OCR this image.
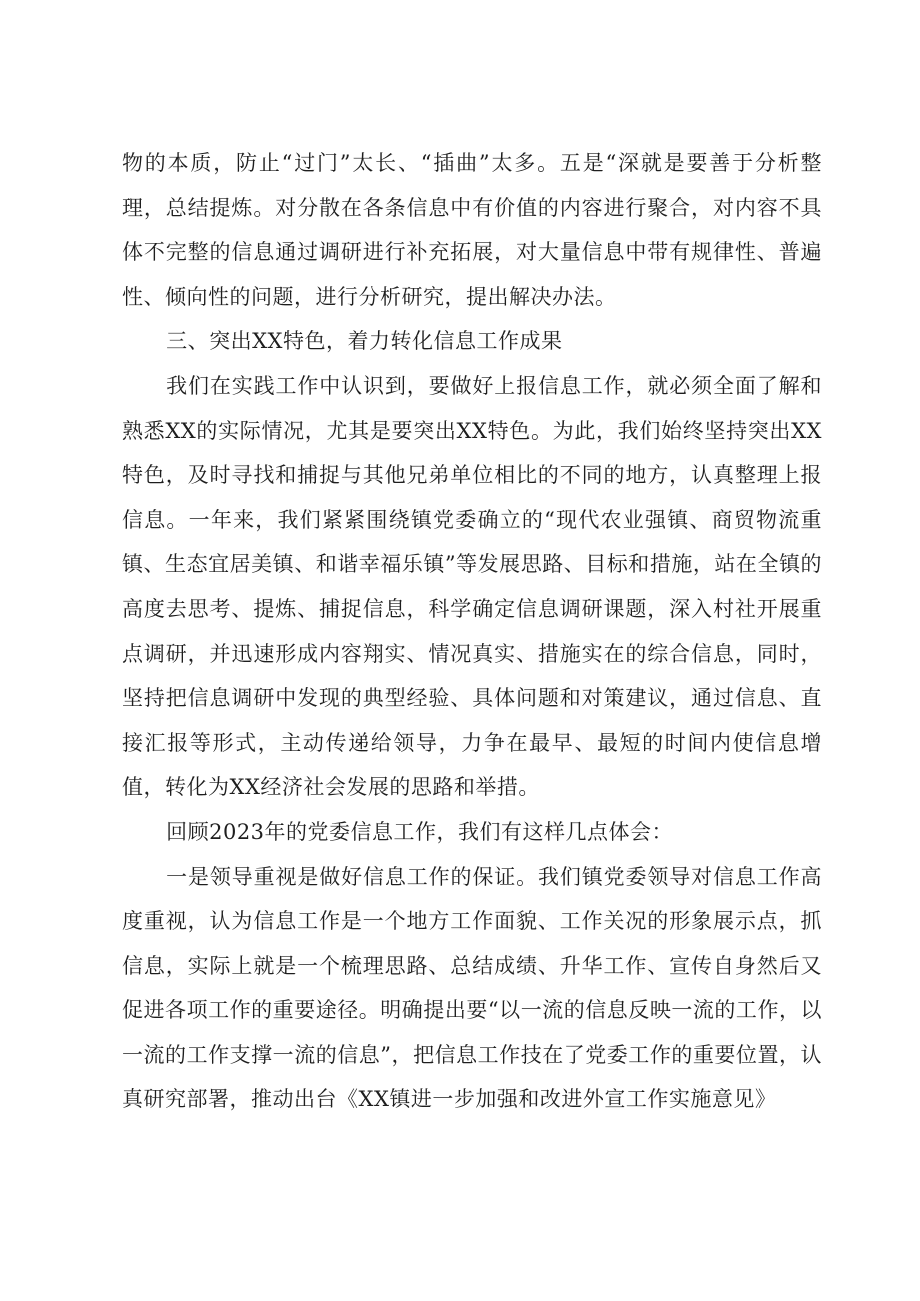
物的本质，防止“过门”太长、“插曲”太多。五是“深就是要善于分析整理，总结提炼。对分散在各条信息中有价值的内容进行聚合，对内容不具体不完整的信息通过调研进行补充拓展，对大量信息中带有规律性、普遍性、倾向性的问题，进行分析研究，提出解决办法。

三、突出XX特色，着力转化信息工作成果

我们在实践工作中认识到，要做好上报信息工作，就必须全面了解和熟悉XX的实际情况，尤其是要突出XX特色。为此，我们始终坚持突出XX特色，及时寻找和捕捉与其他兄弟单位相比的不同的地方，认真整理上报信息。一年来，我们紧紧围绕镇党委确立的“现代农业强镇、商贸物流重镇、生态宜居美镇、和谐幸福乐镇”等发展思路、目标和措施，站在全镇的高度去思考、提炼、捕捉信息，科学确定信息调研课题，深入村社开展重点调研，并迅速形成内容翔实、情况真实、措施实在的综合信息，同时，坚持把信息调研中发现的典型经验、具体问题和对策建议，通过信息、直接汇报等形式，主动传递给领导，力争在最早、最短的时间内使信息增值，转化为XX经济社会发展的思路和举措。

回顾2023年的党委信息工作，我们有这样几点体会：

一是领导重视是做好信息工作的保证。我们镇党委领导对信息工作高度重视，认为信息工作是一个地方工作面貌、工作关况的形象展示点，抓信息，实际上就是一个梳理思路、总结成绩、升华工作、宣传自身然后又促进各项工作的重要途径。明确提出要“以一流的信息反映一流的工作，以一流的工作支撑一流的信息”，把信息工作技在了党委工作的重要位置，认真研究部署，推动出台《XX镇进一步加强和改进外宣工作实施意见》
